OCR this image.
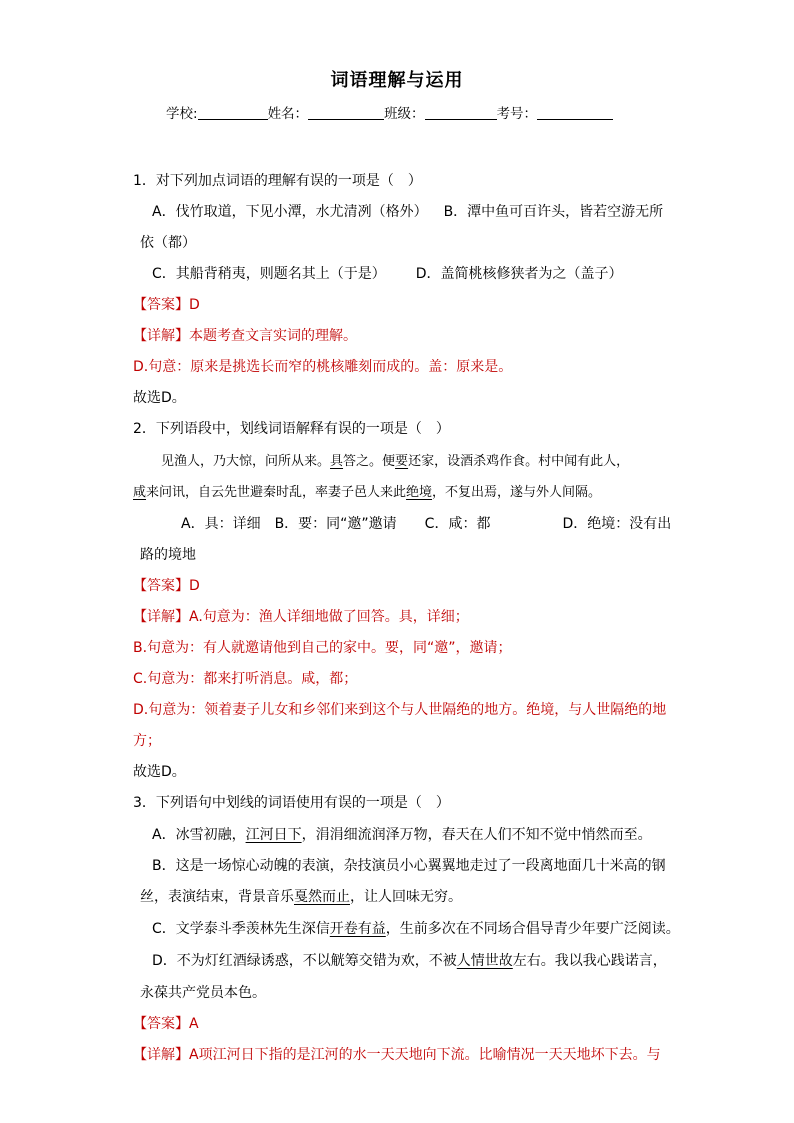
词语理解与运用
学校:	姓名：	班级：	考号：
1．对下列加点词语的理解有误的一项是（　）
A．伐竹取道，下见小潭，水尤清冽（格外） B．潭中鱼可百许头，皆若空游无所
依（都）
C．其船背稍夷，则题名其上（于是） D．盖简桃核修狭者为之（盖子）
【答案】D
【详解】本题考查文言实词的理解。
D.句意：原来是挑选长而窄的桃核雕刻而成的。盖：原来是。
故选D。
2．下列语段中，划线词语解释有误的一项是（　）
见渔人，乃大惊，问所从来。具答之。便要还家，设酒杀鸡作食。村中闻有此人，
咸来问讯，自云先世避秦时乱，率妻子邑人来此绝境，不复出焉，遂与外人间隔。
A．具：详细　B．要：同“邀”邀请　　C．咸：都	D．绝境：没有出
路的境地
【答案】D
【详解】A.句意为：渔人详细地做了回答。具，详细；
B.句意为：有人就邀请他到自己的家中。要，同“邀”，邀请；
C.句意为：都来打听消息。咸，都；
D.句意为：领着妻子儿女和乡邻们来到这个与人世隔绝的地方。绝境，与人世隔绝的地
方；
故选D。
3．下列语句中划线的词语使用有误的一项是（　）
A．冰雪初融，江河日下，涓涓细流润泽万物，春天在人们不知不觉中悄然而至。
B．这是一场惊心动魄的表演，杂技演员小心翼翼地走过了一段离地面几十米高的钢
丝，表演结束，背景音乐戛然而止，让人回味无穷。
C．文学泰斗季羡林先生深信开卷有益，生前多次在不同场合倡导青少年要广泛阅读。
D．不为灯红酒绿诱惑，不以觥筹交错为欢，不被人情世故左右。我以我心践诺言，
永葆共产党员本色。
【答案】A
【详解】A项江河日下指的是江河的水一天天地向下流。比喻情况一天天地坏下去。与
